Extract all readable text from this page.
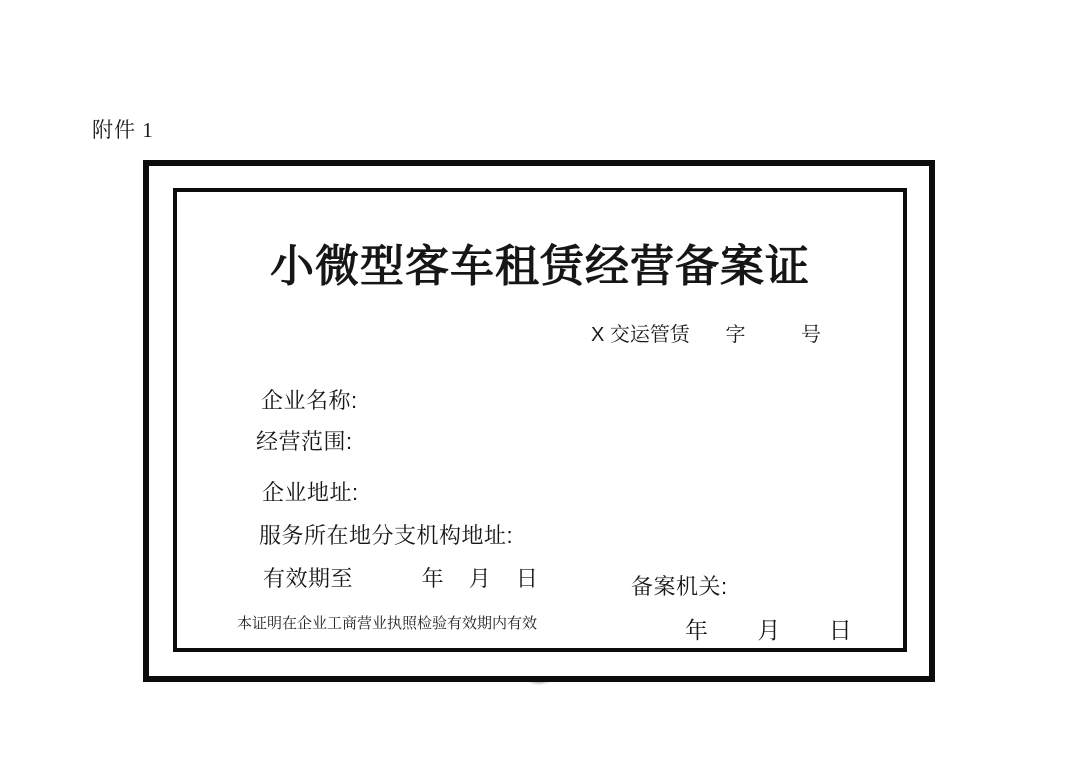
附件 1
小微型客车租赁经营备案证
X 交运管赁 字	号
企业名称:
经营范围:
企业地址:
服务所在地分支机构地址:
有效期至	年 月 日	备案机关:
年 月 日
本证明在企业工商营业执照检验有效期内有效
